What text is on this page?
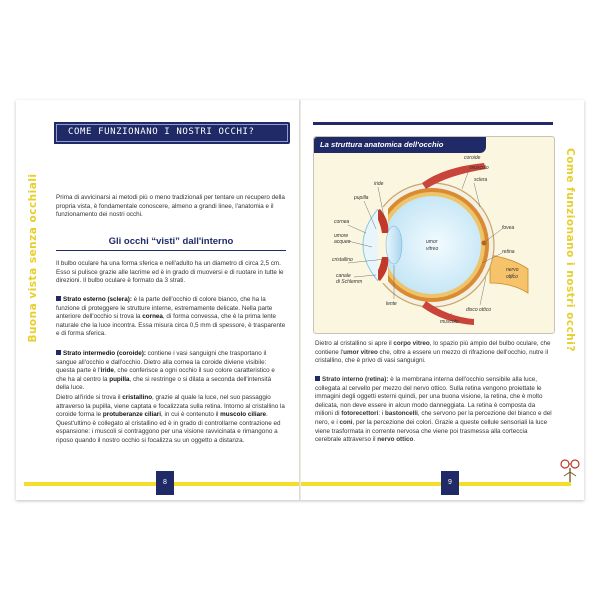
Buona vista senza occhiali
COME FUNZIONANO I NOSTRI OCCHI?
Prima di avvicinarsi ai metodi più o meno tradizionali per tentare un recupero della propria vista, è fondamentale conoscere, almeno a grandi linee, l'anatomia e il funzionamento dei nostri occhi.
Gli occhi “visti” dall'interno
Il bulbo oculare ha una forma sferica e nell'adulto ha un diametro di circa 2,5 cm. Esso si pulisce grazie alle lacrime ed è in grado di muoversi e di ruotare in tutte le direzioni. Il bulbo oculare è formato da 3 strati.
Strato esterno (sclera): è la parte dell'occhio di colore bianco, che ha la funzione di proteggere le strutture interne, estremamente delicate. Nella parte anteriore dell'occhio si trova la cornea, di forma convessa, che è la prima lente naturale che la luce incontra. Essa misura circa 0,5 mm di spessore, è trasparente e di forma sferica.
Strato intermedio (coroide): contiene i vasi sanguigni che trasportano il sangue all'occhio e dall'occhio. Dietro alla cornea la coroide diviene visibile: questa parte è l'iride, che conferisce a ogni occhio il suo colore caratteristico e che ha al centro la pupilla, che si restringe o si dilata a seconda dell'intensità della luce.
Dietro all'iride si trova il cristallino, grazie al quale la luce, nel suo passaggio attraverso la pupilla, viene captata e focalizzata sulla retina. Intorno al cristallino la coroide forma le protuberanze ciliari, in cui è contenuto il muscolo ciliare. Quest'ultimo è collegato al cristallino ed è in grado di controllarne contrazione ed espansione: i muscoli si contraggono per una visione ravvicinata e rimangono a riposo quando il nostro occhio si focalizza su un oggetto a distanza.
8
coroide
muscolo
sclera
iride
pupilla
cornea
umore
acqueo
cristallino
canale
di Schlemm
umor
vitreo
fovea
retina
nervo
ottico
lente
disco ottico
muscolo
La struttura anatomica dell'occhio
Dietro al cristallino si apre il corpo vitreo, lo spazio più ampio del bulbo oculare, che contiene l'umor vitreo che, oltre a essere un mezzo di rifrazione dell'occhio, nutre il cristallino, che è privo di vasi sanguigni.
Strato interno (retina): è la membrana interna dell'occhio sensibile alla luce, collegata al cervello per mezzo del nervo ottico. Sulla retina vengono proiettate le immagini degli oggetti esterni quindi, per una buona visione, la retina, che è molto delicata, non deve essere in alcun modo danneggiata. La retina è composta da milioni di fotorecettori: i bastoncelli, che servono per la percezione del bianco e del nero, e i coni, per la percezione dei colori. Grazie a queste cellule sensoriali la luce viene trasformata in corrente nervosa che viene poi trasmessa alla corteccia cerebrale attraverso il nervo ottico.
Come funzionano i nostri occhi?
9
